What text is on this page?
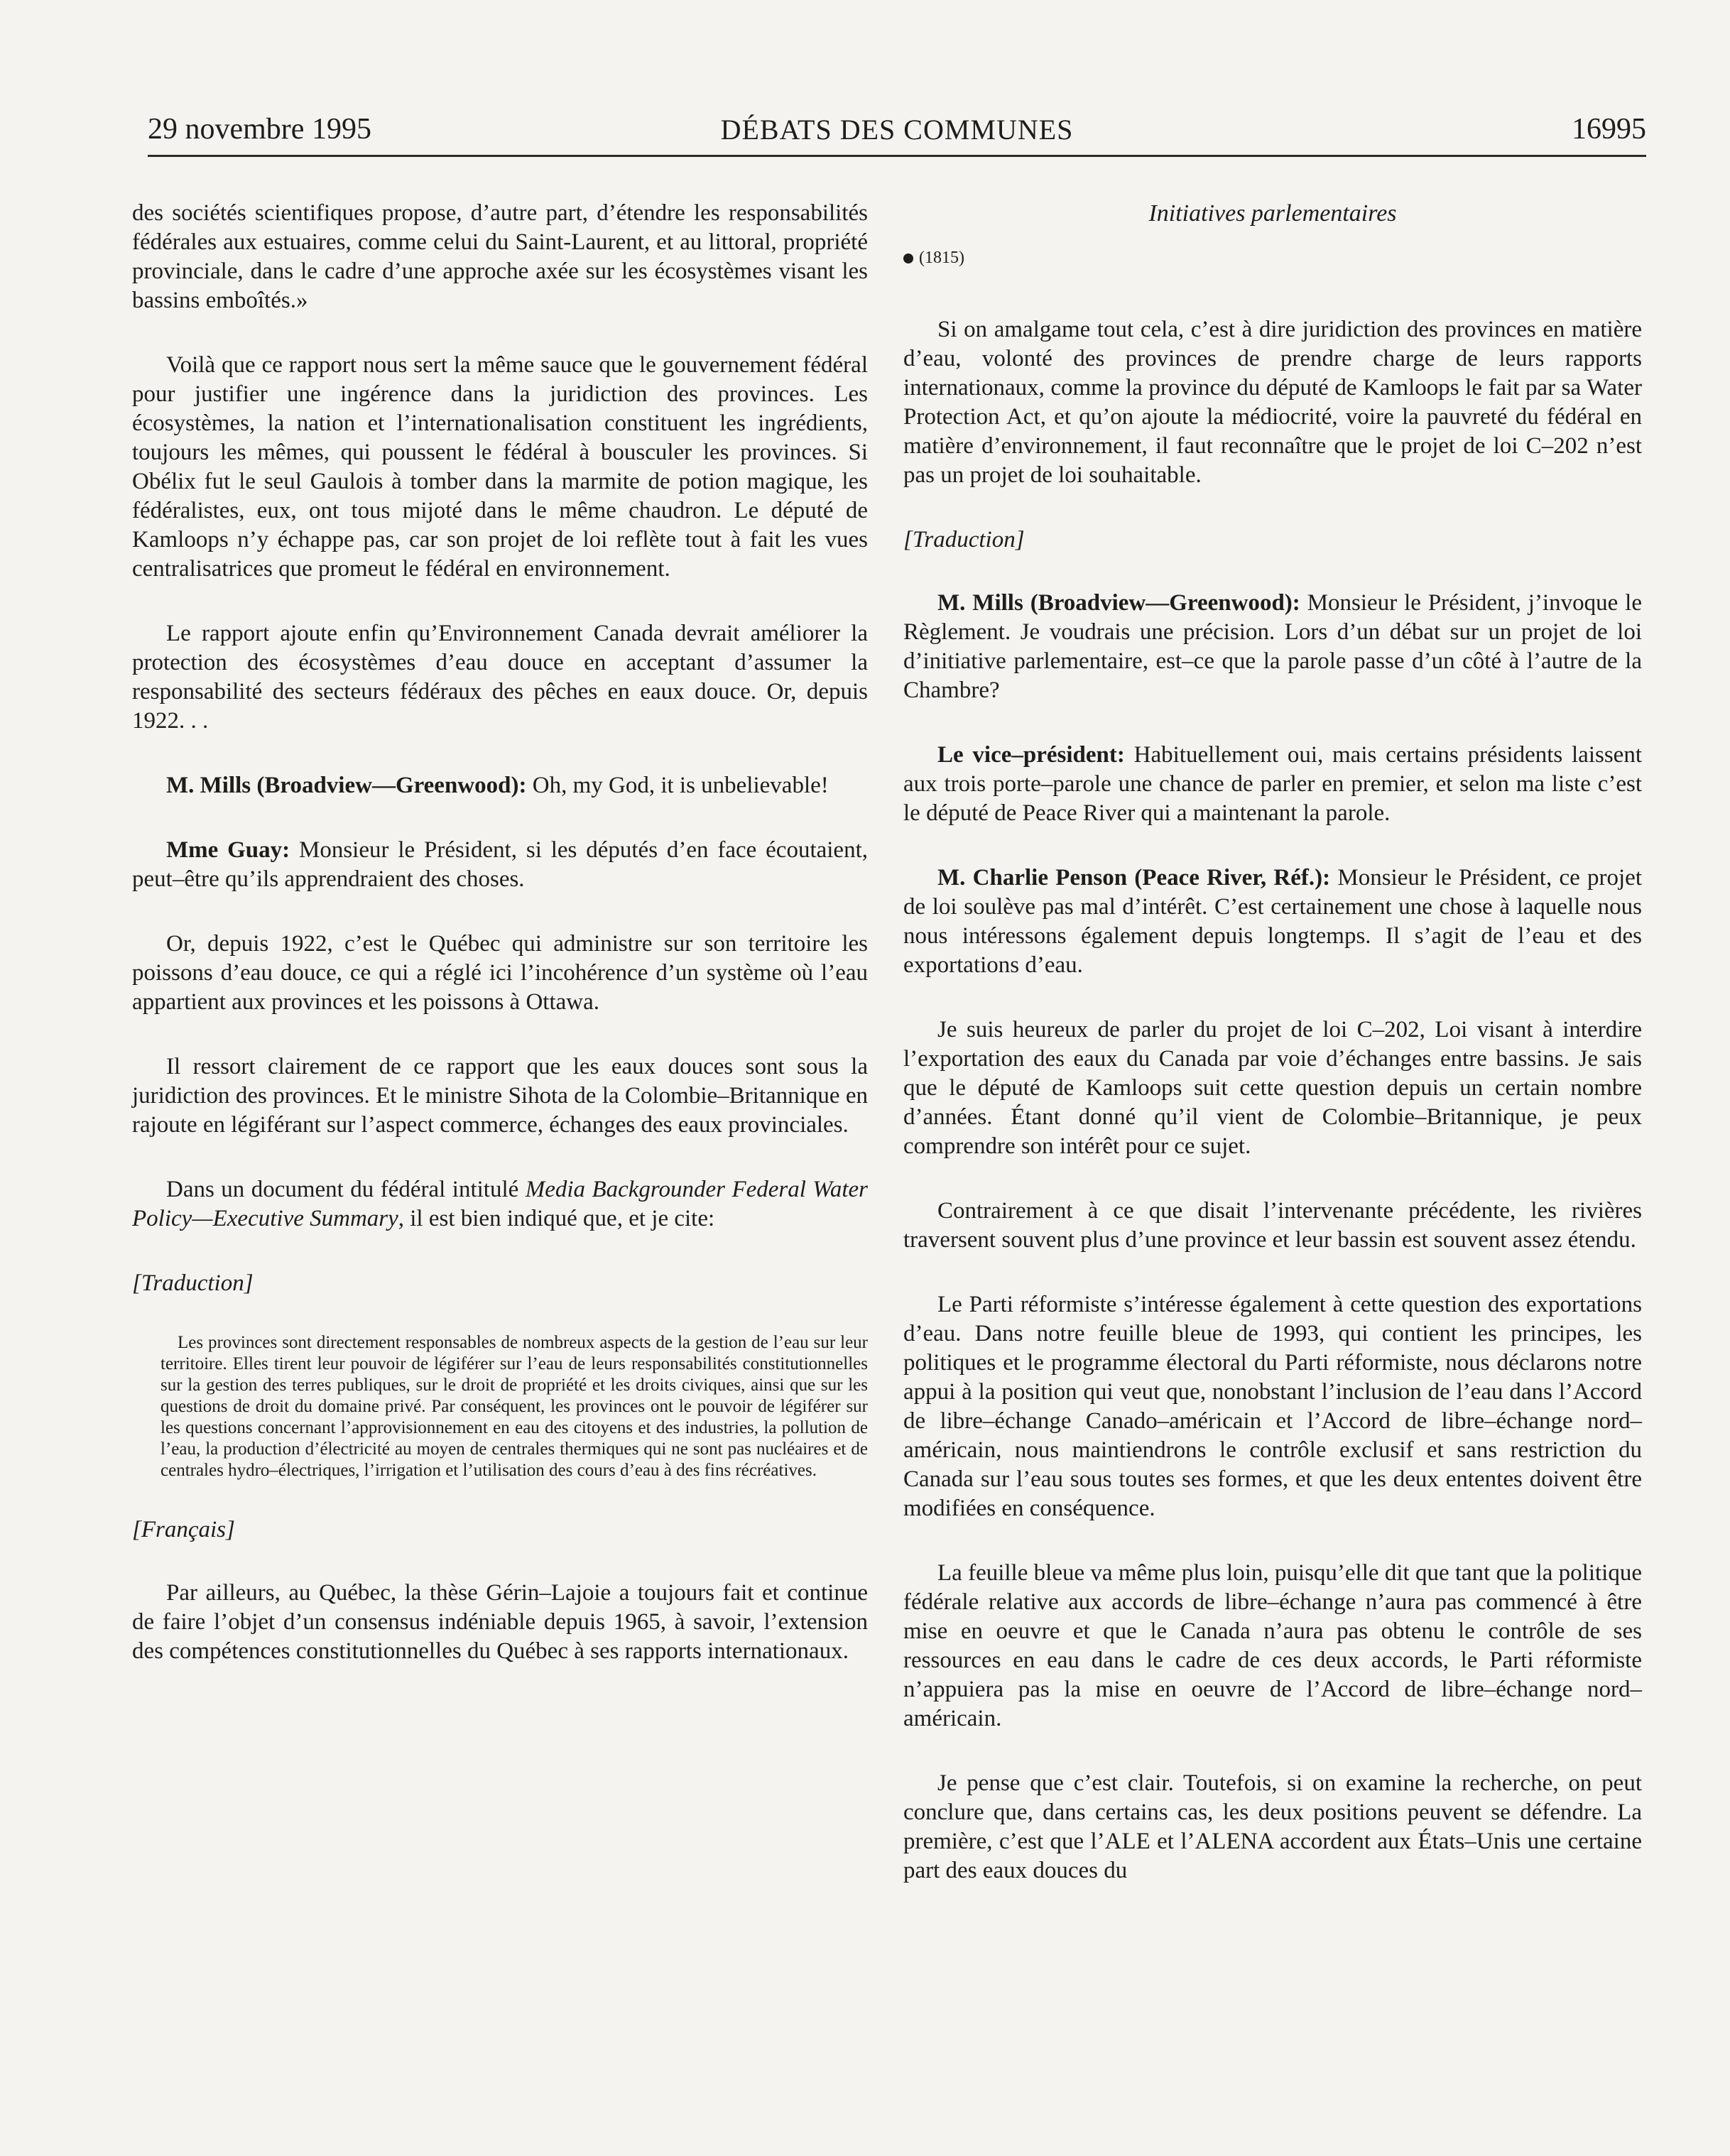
29 novembre 1995	DÉBATS DES COMMUNES	16995

des sociétés scientifiques propose, d’autre part, d’étendre les responsabilités fédérales aux estuaires, comme celui du Saint-Laurent, et au littoral, propriété provinciale, dans le cadre d’une approche axée sur les écosystèmes visant les bassins emboîtés.»

Voilà que ce rapport nous sert la même sauce que le gouvernement fédéral pour justifier une ingérence dans la juridiction des provinces. Les écosystèmes, la nation et l’internationalisation constituent les ingrédients, toujours les mêmes, qui poussent le fédéral à bousculer les provinces. Si Obélix fut le seul Gaulois à tomber dans la marmite de potion magique, les fédéralistes, eux, ont tous mijoté dans le même chaudron. Le député de Kamloops n’y échappe pas, car son projet de loi reflète tout à fait les vues centralisatrices que promeut le fédéral en environnement.

Le rapport ajoute enfin qu’Environnement Canada devrait améliorer la protection des écosystèmes d’eau douce en acceptant d’assumer la responsabilité des secteurs fédéraux des pêches en eaux douce. Or, depuis 1922. . .

M. Mills (Broadview—Greenwood): Oh, my God, it is unbelievable!

Mme Guay: Monsieur le Président, si les députés d’en face écoutaient, peut–être qu’ils apprendraient des choses.

Or, depuis 1922, c’est le Québec qui administre sur son territoire les poissons d’eau douce, ce qui a réglé ici l’incohérence d’un système où l’eau appartient aux provinces et les poissons à Ottawa.

Il ressort clairement de ce rapport que les eaux douces sont sous la juridiction des provinces. Et le ministre Sihota de la Colombie–Britannique en rajoute en légiférant sur l’aspect commerce, échanges des eaux provinciales.

Dans un document du fédéral intitulé Media Backgrounder Federal Water Policy—Executive Summary, il est bien indiqué que, et je cite:

[Traduction]

Les provinces sont directement responsables de nombreux aspects de la gestion de l’eau sur leur territoire. Elles tirent leur pouvoir de légiférer sur l’eau de leurs responsabilités constitutionnelles sur la gestion des terres publiques, sur le droit de propriété et les droits civiques, ainsi que sur les questions de droit du domaine privé. Par conséquent, les provinces ont le pouvoir de légiférer sur les questions concernant l’approvisionnement en eau des citoyens et des industries, la pollution de l’eau, la production d’électricité au moyen de centrales thermiques qui ne sont pas nucléaires et de centrales hydro–électriques, l’irrigation et l’utilisation des cours d’eau à des fins récréatives.

[Français]

Par ailleurs, au Québec, la thèse Gérin–Lajoie a toujours fait et continue de faire l’objet d’un consensus indéniable depuis 1965, à savoir, l’extension des compétences constitutionnelles du Québec à ses rapports internationaux.

Initiatives parlementaires
(1815)

Si on amalgame tout cela, c’est à dire juridiction des provinces en matière d’eau, volonté des provinces de prendre charge de leurs rapports internationaux, comme la province du député de Kamloops le fait par sa Water Protection Act, et qu’on ajoute la médiocrité, voire la pauvreté du fédéral en matière d’environnement, il faut reconnaître que le projet de loi C–202 n’est pas un projet de loi souhaitable.

[Traduction]

M. Mills (Broadview—Greenwood): Monsieur le Président, j’invoque le Règlement. Je voudrais une précision. Lors d’un débat sur un projet de loi d’initiative parlementaire, est–ce que la parole passe d’un côté à l’autre de la Chambre?

Le vice–président: Habituellement oui, mais certains présidents laissent aux trois porte–parole une chance de parler en premier, et selon ma liste c’est le député de Peace River qui a maintenant la parole.

M. Charlie Penson (Peace River, Réf.): Monsieur le Président, ce projet de loi soulève pas mal d’intérêt. C’est certainement une chose à laquelle nous nous intéressons également depuis longtemps. Il s’agit de l’eau et des exportations d’eau.

Je suis heureux de parler du projet de loi C–202, Loi visant à interdire l’exportation des eaux du Canada par voie d’échanges entre bassins. Je sais que le député de Kamloops suit cette question depuis un certain nombre d’années. Étant donné qu’il vient de Colombie–Britannique, je peux comprendre son intérêt pour ce sujet.

Contrairement à ce que disait l’intervenante précédente, les rivières traversent souvent plus d’une province et leur bassin est souvent assez étendu.

Le Parti réformiste s’intéresse également à cette question des exportations d’eau. Dans notre feuille bleue de 1993, qui contient les principes, les politiques et le programme électoral du Parti réformiste, nous déclarons notre appui à la position qui veut que, nonobstant l’inclusion de l’eau dans l’Accord de libre–échange Canado–américain et l’Accord de libre–échange nord–américain, nous maintiendrons le contrôle exclusif et sans restriction du Canada sur l’eau sous toutes ses formes, et que les deux ententes doivent être modifiées en conséquence.

La feuille bleue va même plus loin, puisqu’elle dit que tant que la politique fédérale relative aux accords de libre–échange n’aura pas commencé à être mise en oeuvre et que le Canada n’aura pas obtenu le contrôle de ses ressources en eau dans le cadre de ces deux accords, le Parti réformiste n’appuiera pas la mise en oeuvre de l’Accord de libre–échange nord–américain.

Je pense que c’est clair. Toutefois, si on examine la recherche, on peut conclure que, dans certains cas, les deux positions peuvent se défendre. La première, c’est que l’ALE et l’ALENA accordent aux États–Unis une certaine part des eaux douces du
